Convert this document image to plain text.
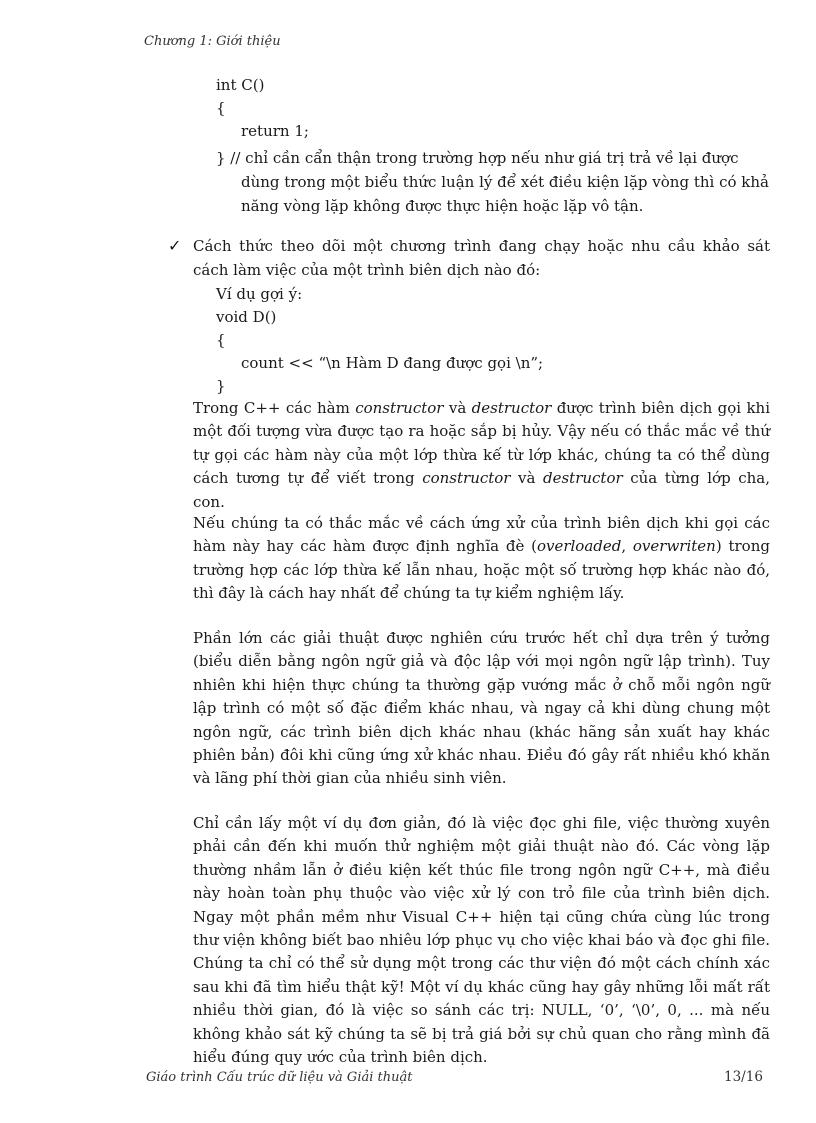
Chương 1: Giới thiệu
int C()
{
return 1;
} // chỉ cần cẩn thận trong trường hợp nếu như giá trị trả về lại được
dùng trong một biểu thức luận lý để xét điều kiện lặp vòng thì có khả năng vòng lặp không được thực hiện hoặc lặp vô tận.
✓ Cách thức theo dõi một chương trình đang chạy hoặc nhu cầu khảo sát cách làm việc của một trình biên dịch nào đó:
Ví dụ gợi ý:
void D()
{
count << “\n Hàm D đang được gọi \n”;
}

Trong C++ các hàm constructor và destructor được trình biên dịch gọi khi một đối tượng vừa được tạo ra hoặc sắp bị hủy. Vậy nếu có thắc mắc về thứ tự gọi các hàm này của một lớp thừa kế từ lớp khác, chúng ta có thể dùng cách tương tự để viết trong constructor và destructor của từng lớp cha, con.

Nếu chúng ta có thắc mắc về cách ứng xử của trình biên dịch khi gọi các hàm này hay các hàm được định nghĩa đè (overloaded, overwriten) trong trường hợp các lớp thừa kế lẫn nhau, hoặc một số trường hợp khác nào đó, thì đây là cách hay nhất để chúng ta tự kiểm nghiệm lấy.

Phần lớn các giải thuật được nghiên cứu trước hết chỉ dựa trên ý tưởng (biểu diễn bằng ngôn ngữ giả và độc lập với mọi ngôn ngữ lập trình). Tuy nhiên khi hiện thực chúng ta thường gặp vướng mắc ở chỗ mỗi ngôn ngữ lập trình có một số đặc điểm khác nhau, và ngay cả khi dùng chung một ngôn ngữ, các trình biên dịch khác nhau (khác hãng sản xuất hay khác phiên bản) đôi khi cũng ứng xử khác nhau. Điều đó gây rất nhiều khó khăn và lãng phí thời gian của nhiều sinh viên.

Chỉ cần lấy một ví dụ đơn giản, đó là việc đọc ghi file, việc thường xuyên phải cần đến khi muốn thử nghiệm một giải thuật nào đó. Các vòng lặp thường nhầm lẫn ở điều kiện kết thúc file trong ngôn ngữ C++, mà điều này hoàn toàn phụ thuộc vào việc xử lý con trỏ file của trình biên dịch. Ngay một phần mềm như Visual C++ hiện tại cũng chứa cùng lúc trong thư viện không biết bao nhiêu lớp phục vụ cho việc khai báo và đọc ghi file. Chúng ta chỉ có thể sử dụng một trong các thư viện đó một cách chính xác sau khi đã tìm hiểu thật kỹ! Một ví dụ khác cũng hay gây những lỗi mất rất nhiều thời gian, đó là việc so sánh các trị: NULL, ‘0’, ‘\0’, 0, ... mà nếu không khảo sát kỹ chúng ta sẽ bị trả giá bởi sự chủ quan cho rằng mình đã hiểu đúng quy ước của trình biên dịch.

Giáo trình Cấu trúc dữ liệu và Giải thuật	13/16
